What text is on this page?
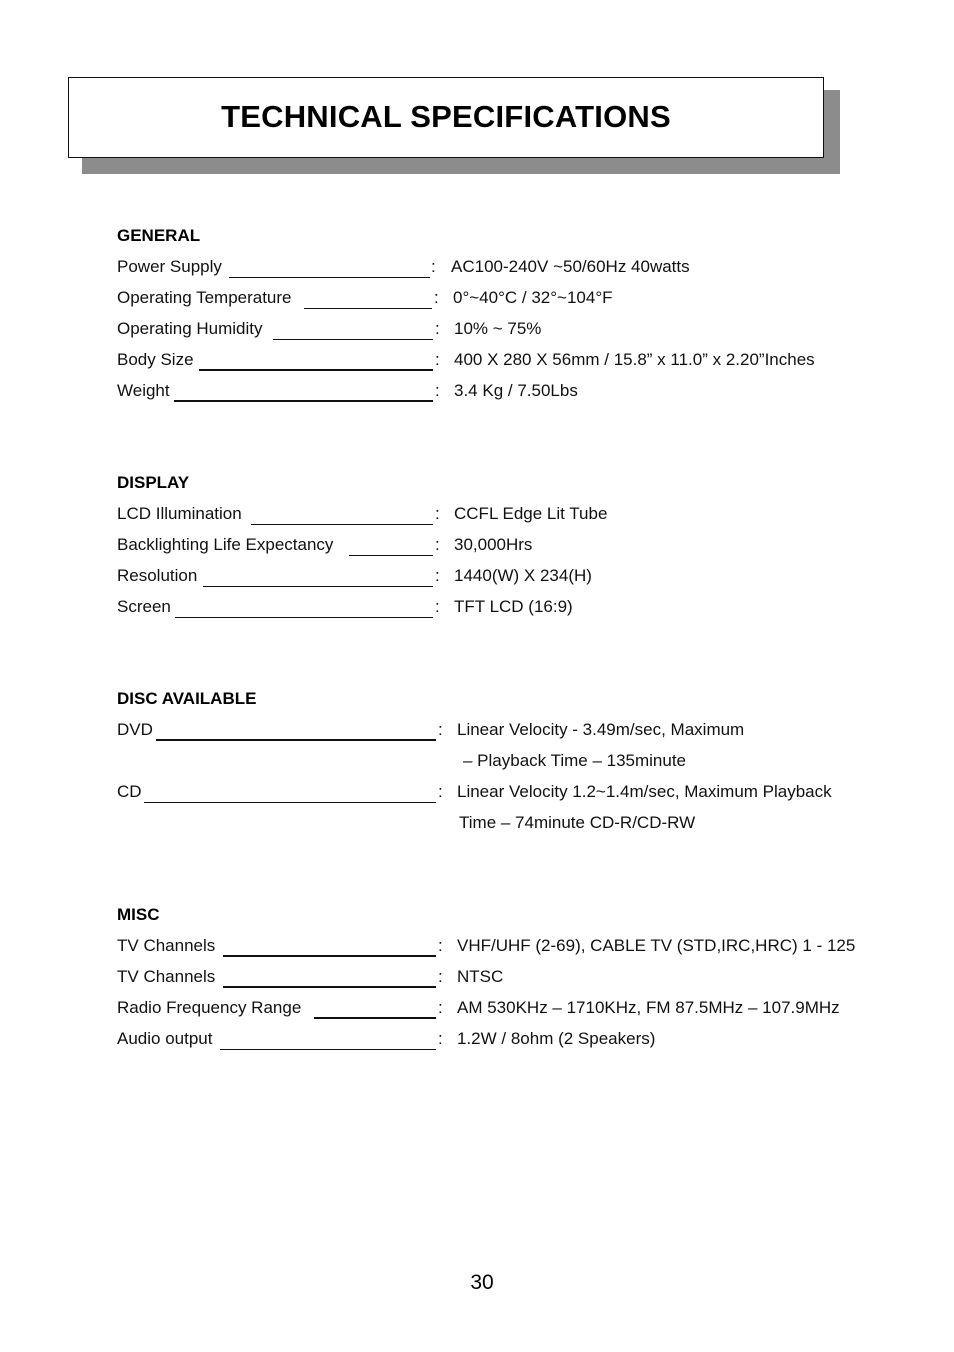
TECHNICAL SPECIFICATIONS
GENERAL
Power Supply	: AC100-240V ~50/60Hz 40watts
Operating Temperature	: 0°~40°C / 32°~104°F
Operating Humidity	: 10% ~ 75%
Body Size	: 400 X 280 X 56mm / 15.8” x 11.0” x 2.20”Inches
Weight	: 3.4 Kg / 7.50Lbs
DISPLAY
LCD Illumination	: CCFL Edge Lit Tube
Backlighting Life Expectancy	: 30,000Hrs
Resolution	: 1440(W) X 234(H)
Screen	: TFT LCD (16:9)
DISC AVAILABLE
DVD	: Linear Velocity - 3.49m/sec, Maximum
– Playback Time – 135minute
CD	: Linear Velocity 1.2~1.4m/sec, Maximum Playback
Time – 74minute CD-R/CD-RW
MISC
TV Channels	: VHF/UHF (2-69), CABLE TV (STD,IRC,HRC) 1 - 125
TV Channels	: NTSC
Radio Frequency Range	: AM 530KHz – 1710KHz, FM 87.5MHz – 107.9MHz
Audio output	: 1.2W / 8ohm (2 Speakers)
30
